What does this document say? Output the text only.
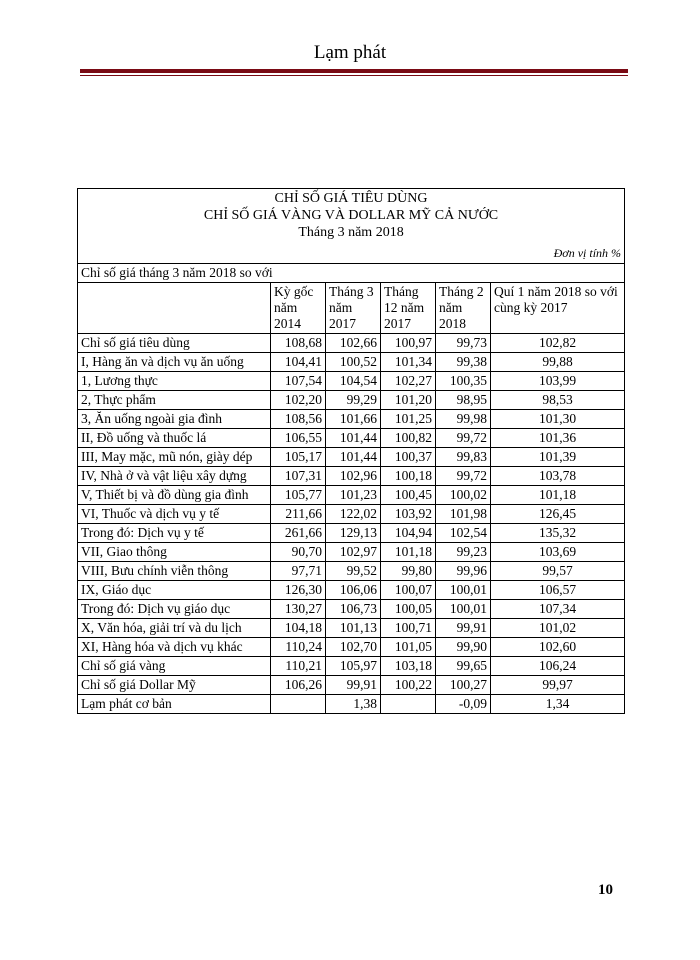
Lạm phát
CHỈ SỐ GIÁ TIÊU DÙNG
CHỈ SỐ GIÁ VÀNG VÀ DOLLAR MỸ CẢ NƯỚC
Tháng 3 năm 2018
Đơn vị tính %					

Chỉ số giá tháng 3 năm 2018 so với					
	Kỳ gốc năm 2014	Tháng 3 năm 2017	Tháng 12 năm 2017	Tháng 2 năm 2018	Quí 1 năm 2018 so với cùng kỳ 2017
Chỉ số giá tiêu dùng	108,68	102,66	100,97	99,73	102,82
I, Hàng ăn và dịch vụ ăn uống	104,41	100,52	101,34	99,38	99,88
1, Lương thực	107,54	104,54	102,27	100,35	103,99
2, Thực phẩm	102,20	99,29	101,20	98,95	98,53
3, Ăn uống ngoài gia đình	108,56	101,66	101,25	99,98	101,30
II, Đồ uống và thuốc lá	106,55	101,44	100,82	99,72	101,36
III, May mặc, mũ nón, giày dép	105,17	101,44	100,37	99,83	101,39
IV, Nhà ở và vật liệu xây dựng	107,31	102,96	100,18	99,72	103,78
V, Thiết bị và đồ dùng gia đình	105,77	101,23	100,45	100,02	101,18
VI, Thuốc và dịch vụ y tế	211,66	122,02	103,92	101,98	126,45
Trong đó: Dịch vụ y tế	261,66	129,13	104,94	102,54	135,32
VII, Giao thông	90,70	102,97	101,18	99,23	103,69
VIII, Bưu chính viễn thông	97,71	99,52	99,80	99,96	99,57
IX, Giáo dục	126,30	106,06	100,07	100,01	106,57
Trong đó: Dịch vụ giáo dục	130,27	106,73	100,05	100,01	107,34
X, Văn hóa, giải trí và du lịch	104,18	101,13	100,71	99,91	101,02
XI, Hàng hóa và dịch vụ khác	110,24	102,70	101,05	99,90	102,60
Chỉ số giá vàng	110,21	105,97	103,18	99,65	106,24
Chỉ số giá Dollar Mỹ	106,26	99,91	100,22	100,27	99,97
Lạm phát cơ bản		1,38		-0,09	1,34
10
